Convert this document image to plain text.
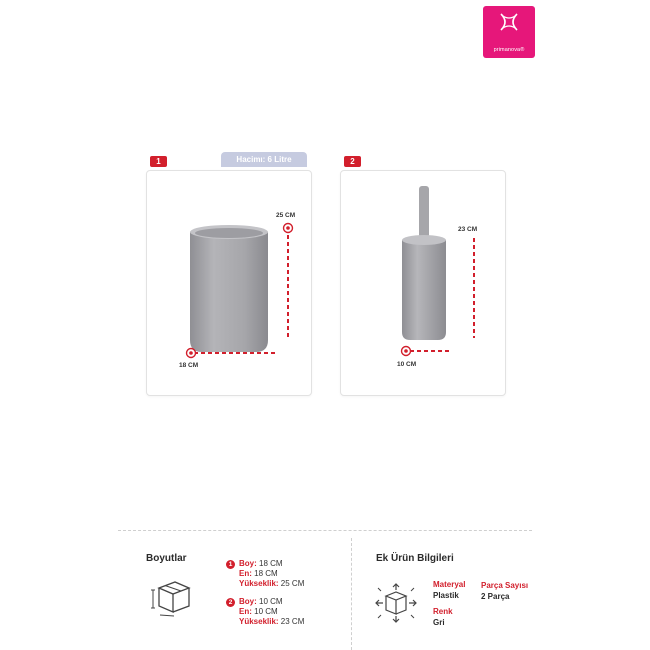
primanova®
1	Hacimı: 6 Litre
25 CM
18 CM
2
23 CM
10 CM
Boyutlar
1 Boy: 18 CM
En: 18 CM
Yükseklik: 25 CM
2 Boy: 10 CM
En: 10 CM
Yükseklik: 23 CM
Ek Ürün Bilgileri
Materyal
Plastik
Parça Sayısı
2 Parça
Renk
Gri
